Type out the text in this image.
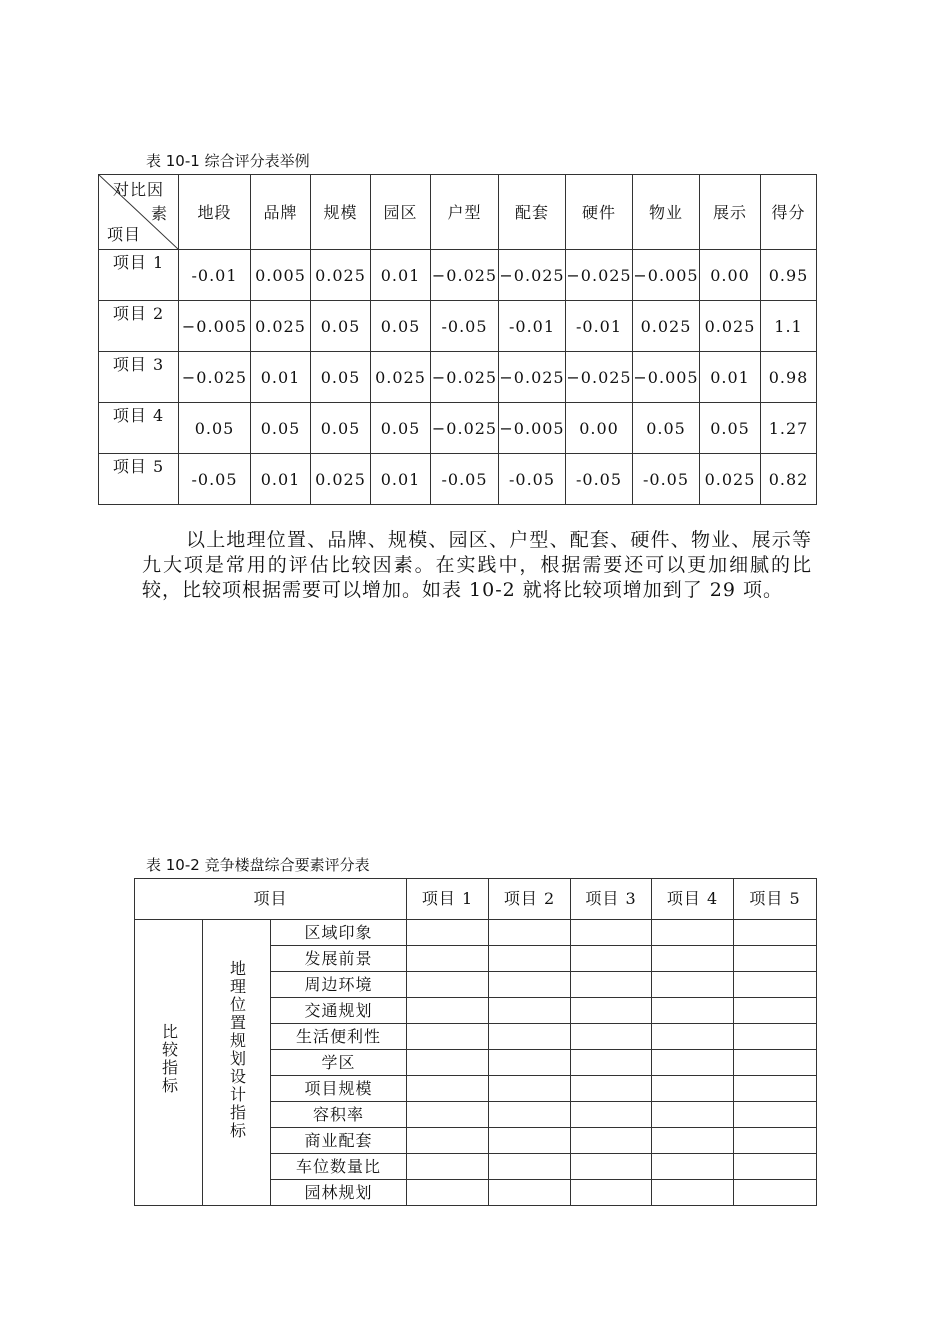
表 10-1 综合评分表举例
对比因
素
项目	地段	品牌	规模	园区	户型	配套	硬件	物业	展示	得分
项目 1	-0.01	0.005	0.025	0.01	−0.025	−0.025	−0.025	−0.005	0.00	0.95
项目 2	−0.005	0.025	0.05	0.05	-0.05	-0.01	-0.01	0.025	0.025	1.1
项目 3	−0.025	0.01	0.05	0.025	−0.025	−0.025	−0.025	−0.005	0.01	0.98
项目 4	0.05	0.05	0.05	0.05	−0.025	−0.005	0.00	0.05	0.05	1.27
项目 5	-0.05	0.01	0.025	0.01	-0.05	-0.05	-0.05	-0.05	0.025	0.82
以上地理位置、品牌、规模、园区、户型、配套、硬件、物业、展示等九大项是常用的评估比较因素。在实践中，根据需要还可以更加细腻的比较，比较项根据需要可以增加。如表 10-2 就将比较项增加到了 29 项。
表 10-2 竞争楼盘综合要素评分表
项目			项目 1	项目 2	项目 3	项目 4	项目 5
比较指标	地理位置规划设计指标	区域印象					
		发展前景					
		周边环境					
		交通规划					
		生活便利性					
		学区					
		项目规模					
		容积率					
		商业配套					
		车位数量比					
		园林规划					
